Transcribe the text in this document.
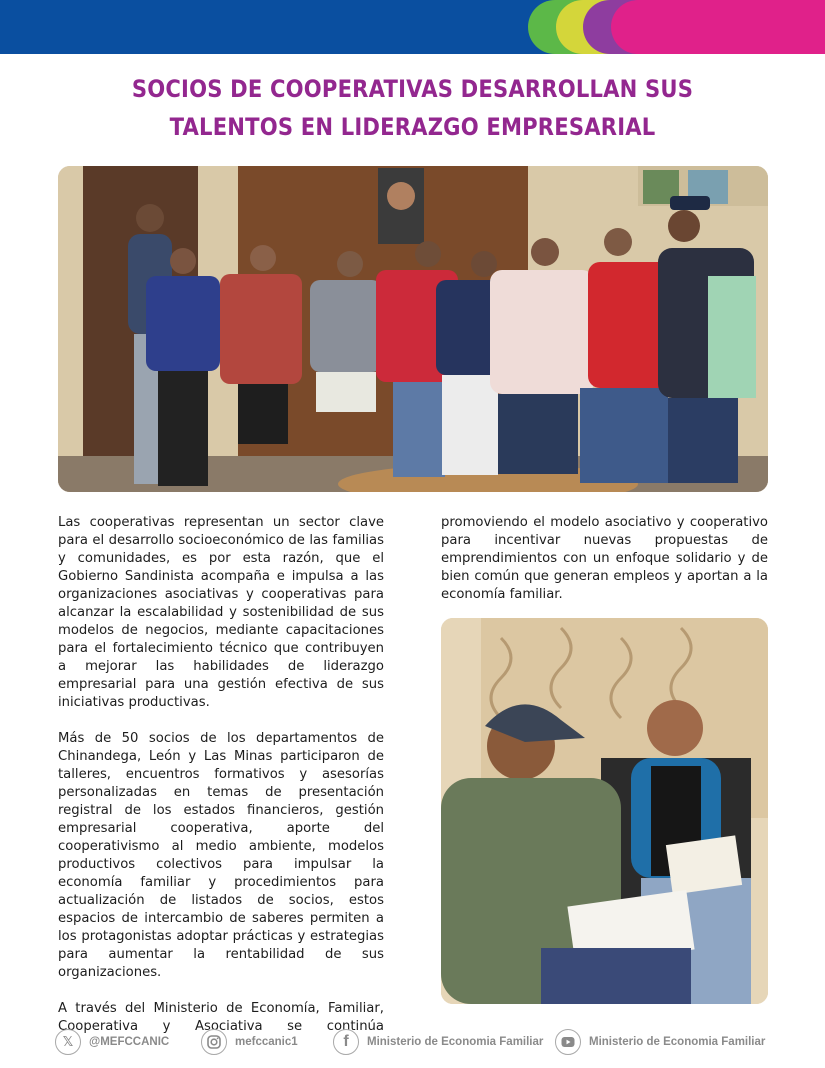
SOCIOS DE COOPERATIVAS DESARROLLAN SUS
TALENTOS EN LIDERAZGO EMPRESARIAL

Las cooperativas representan un sector clave para el desarrollo socioeconómico de las familias y comunidades, es por esta razón, que el Gobierno Sandinista acompaña e impulsa a las organizaciones asociativas y cooperativas para alcanzar la escalabilidad y sostenibilidad de sus modelos de negocios, mediante capacitaciones para el fortalecimiento técnico que contribuyen a mejorar las habilidades de liderazgo empresarial para una gestión efectiva de sus iniciativas productivas.

Más de 50 socios de los departamentos de Chinandega, León y Las Minas participaron de talleres, encuentros formativos y asesorías personalizadas en temas de presentación registral de los estados financieros, gestión empresarial cooperativa, aporte del cooperativismo al medio ambiente, modelos productivos colectivos para impulsar la economía familiar y procedimientos para actualización de listados de socios, estos espacios de intercambio de saberes permiten a los protagonistas adoptar prácticas y estrategias para aumentar la rentabilidad de sus organizaciones.

A través del Ministerio de Economía, Familiar, Cooperativa y Asociativa se continúa

promoviendo el modelo asociativo y cooperativo para incentivar nuevas propuestas de emprendimientos con un enfoque solidario y de bien común que generan empleos y aportan a la economía familiar.

𝕏	@MEFCCANIC	mefccanic1	f	Ministerio de Economia Familiar	Ministerio de Economia Familiar
